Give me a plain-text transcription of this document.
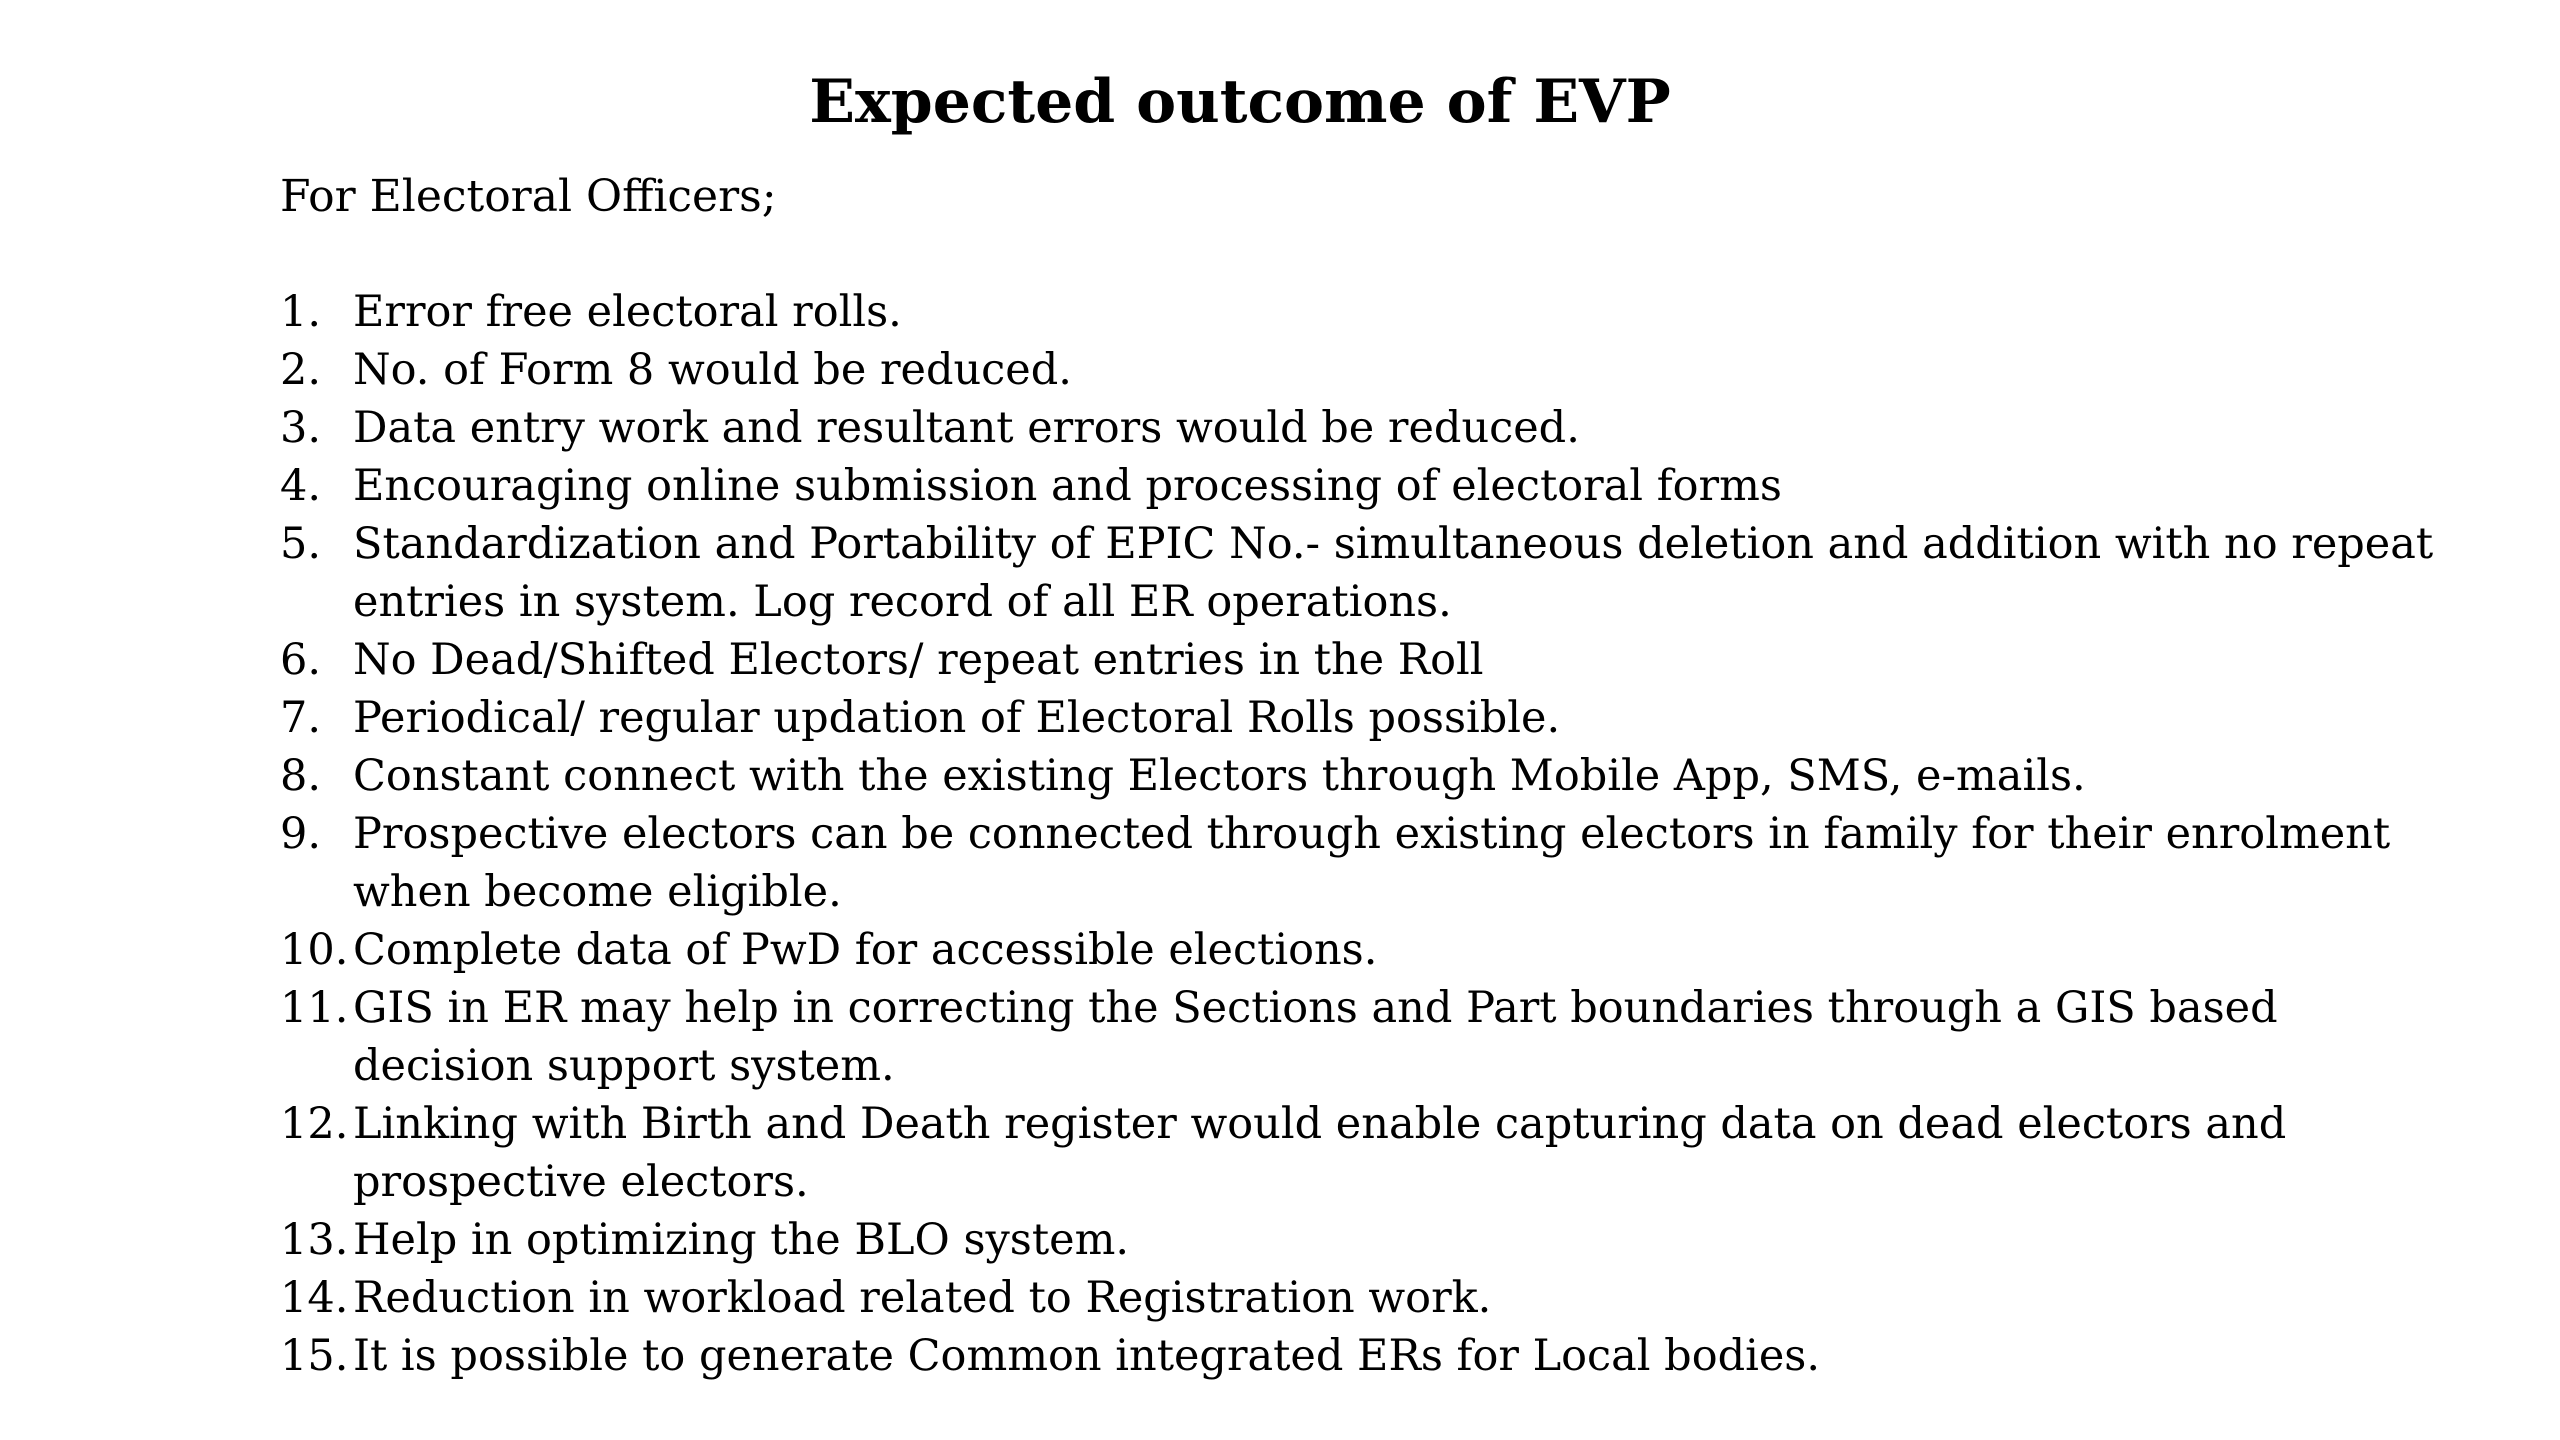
Expected outcome of EVP

For Electoral Officers;

1. Error free electoral rolls.
2. No. of Form 8 would be reduced.
3. Data entry work and resultant errors would be reduced.
4. Encouraging online submission and processing of electoral forms
5. Standardization and Portability of EPIC No.- simultaneous deletion and addition with no repeat entries in system. Log record of all ER operations.
6. No Dead/Shifted Electors/ repeat entries in the Roll
7. Periodical/ regular updation of Electoral Rolls possible.
8. Constant connect with the existing Electors through Mobile App, SMS, e-mails.
9. Prospective electors can be connected through existing electors in family for their enrolment when become eligible.
10. Complete data of PwD for accessible elections.
11. GIS in ER may help in correcting the Sections and Part boundaries through a GIS based decision support system.
12. Linking with Birth and Death register would enable capturing data on dead electors and prospective electors.
13. Help in optimizing the BLO system.
14. Reduction in workload related to Registration work.
15. It is possible to generate Common integrated ERs for Local bodies.
